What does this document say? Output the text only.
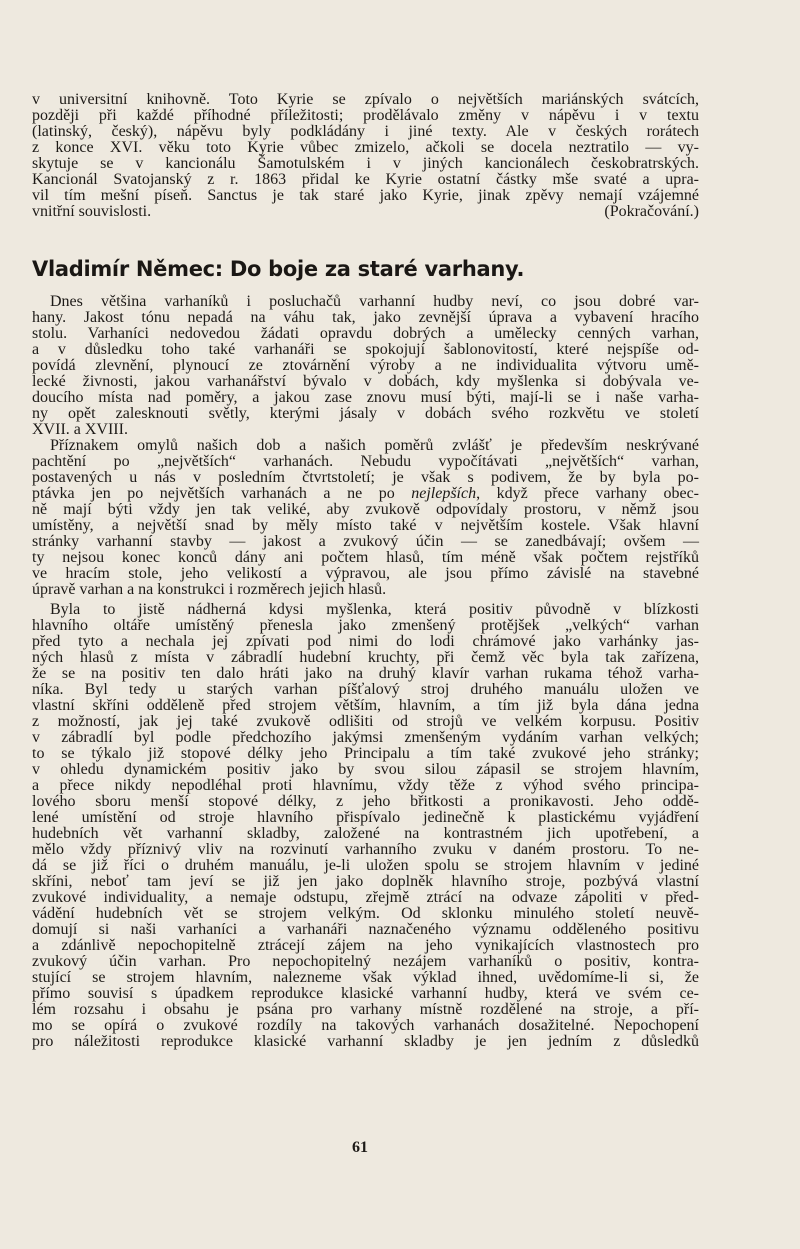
v universitní knihovně. Toto Kyrie se zpívalo o největších mariánských svátcích,
později při každé příhodné příležitosti; prodělávalo změny v nápěvu i v textu
(latinský, český), nápěvu byly podkládány i jiné texty. Ale v českých rorátech
z konce XVI. věku toto Kyrie vůbec zmizelo, ačkoli se docela neztratilo — vy-
skytuje se v kancionálu Šamotulském i v jiných kancionálech českobratrských.
Kancionál Svatojanský z r. 1863 přidal ke Kyrie ostatní částky mše svaté a upra-
vil tím mešní píseň. Sanctus je tak staré jako Kyrie, jinak zpěvy nemají vzájemné
vnitřní souvislosti.	(Pokračování.)
Vladimír Němec: Do boje za staré varhany.
Dnes většina varhaníků i posluchačů varhanní hudby neví, co jsou dobré var-
hany. Jakost tónu nepadá na váhu tak, jako zevnější úprava a vybavení hracího
stolu. Varhaníci nedovedou žádati opravdu dobrých a umělecky cenných varhan,
a v důsledku toho také varhanáři se spokojují šablonovitostí, které nejspíše od-
povídá zlevnění, plynoucí ze ztovárnění výroby a ne individualita výtvoru umě-
lecké živnosti, jakou varhanářství bývalo v dobách, kdy myšlenka si dobývala ve-
doucího místa nad poměry, a jakou zase znovu musí býti, mají-li se i naše varha-
ny opět zalesknouti světly, kterými jásaly v dobách svého rozkvětu ve století
XVII. a XVIII.
Příznakem omylů našich dob a našich poměrů zvlášť je především neskrývané
pachtění po „největších“ varhanách. Nebudu vypočítávati „největších“ varhan,
postavených u nás v posledním čtvrtstoletí; je však s podivem, že by byla po-
ptávka jen po největších varhanách a ne po nejlepších, když přece varhany obec-
ně mají býti vždy jen tak veliké, aby zvukově odpovídaly prostoru, v němž jsou
umístěny, a největší snad by měly místo také v největším kostele. Však hlavní
stránky varhanní stavby — jakost a zvukový účin — se zanedbávají; ovšem —
ty nejsou konec konců dány ani počtem hlasů, tím méně však počtem rejstříků
ve hracím stole, jeho velikostí a výpravou, ale jsou přímo závislé na stavebné
úpravě varhan a na konstrukci i rozměrech jejich hlasů.
Byla to jistě nádherná kdysi myšlenka, která positiv původně v blízkosti
hlavního oltáře umístěný přenesla jako zmenšený protějšek „velkých“ varhan
před tyto a nechala jej zpívati pod nimi do lodi chrámové jako varhánky jas-
ných hlasů z místa v zábradlí hudební kruchty, při čemž věc byla tak zařízena,
že se na positiv ten dalo hráti jako na druhý klavír varhan rukama téhož varha-
níka. Byl tedy u starých varhan píšťalový stroj druhého manuálu uložen ve
vlastní skříni odděleně před strojem větším, hlavním, a tím již byla dána jedna
z možností, jak jej také zvukově odlišiti od strojů ve velkém korpusu. Positiv
v zábradlí byl podle předchozího jakýmsi zmenšeným vydáním varhan velkých;
to se týkalo již stopové délky jeho Principalu a tím také zvukové jeho stránky;
v ohledu dynamickém positiv jako by svou silou zápasil se strojem hlavním,
a přece nikdy nepodléhal proti hlavnímu, vždy těže z výhod svého principa-
lového sboru menší stopové délky, z jeho břitkosti a pronikavosti. Jeho oddě-
lené umístění od stroje hlavního přispívalo jedinečně k plastickému vyjádření
hudebních vět varhanní skladby, založené na kontrastném jich upotřebení, a
mělo vždy příznivý vliv na rozvinutí varhanního zvuku v daném prostoru. To ne-
dá se již říci o druhém manuálu, je-li uložen spolu se strojem hlavním v jediné
skříni, neboť tam jeví se již jen jako doplněk hlavního stroje, pozbývá vlastní
zvukové individuality, a nemaje odstupu, zřejmě ztrácí na odvaze zápoliti v před-
vádění hudebních vět se strojem velkým. Od sklonku minulého století neuvě-
domují si naši varhaníci a varhanáři naznačeného významu odděleného positivu
a zdánlivě nepochopitelně ztrácejí zájem na jeho vynikajících vlastnostech pro
zvukový účin varhan. Pro nepochopitelný nezájem varhaníků o positiv, kontra-
stující se strojem hlavním, nalezneme však výklad ihned, uvědomíme-li si, že
přímo souvisí s úpadkem reprodukce klasické varhanní hudby, která ve svém ce-
lém rozsahu i obsahu je psána pro varhany místně rozdělené na stroje, a pří-
mo se opírá o zvukové rozdíly na takových varhanách dosažitelné. Nepochopení
pro náležitosti reprodukce klasické varhanní skladby je jen jedním z důsledků
61
